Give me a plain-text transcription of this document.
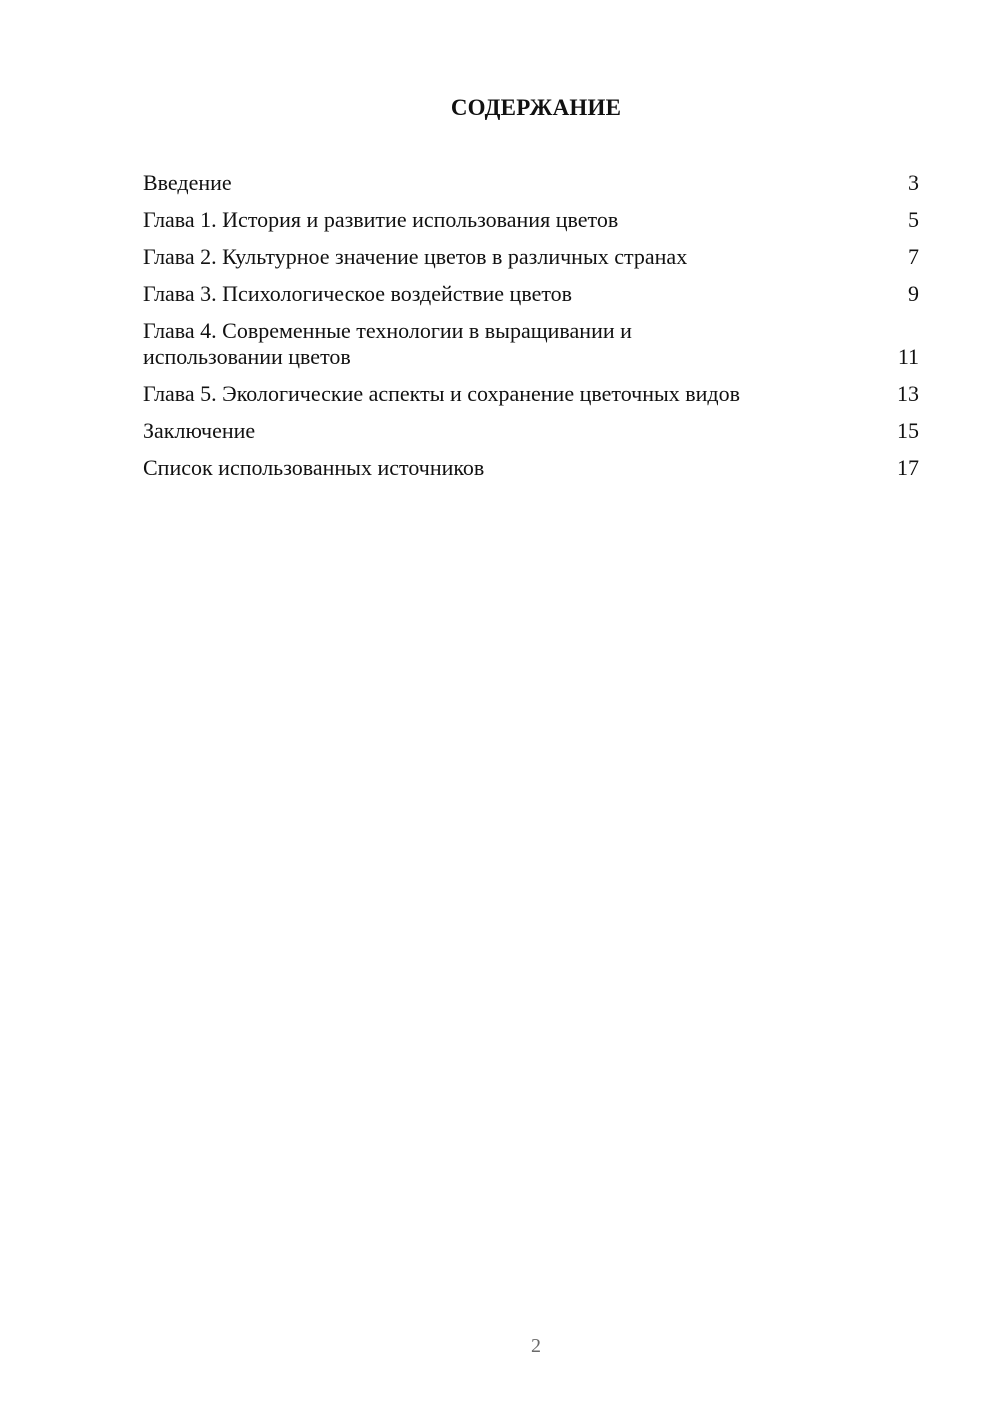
СОДЕРЖАНИЕ
Введение	3
Глава 1. История и развитие использования цветов	5
Глава 2. Культурное значение цветов в различных странах	7
Глава 3. Психологическое воздействие цветов	9
Глава 4. Современные технологии в выращивании и использовании цветов	11
Глава 5. Экологические аспекты и сохранение цветочных видов	13
Заключение	15
Список использованных источников	17
2
